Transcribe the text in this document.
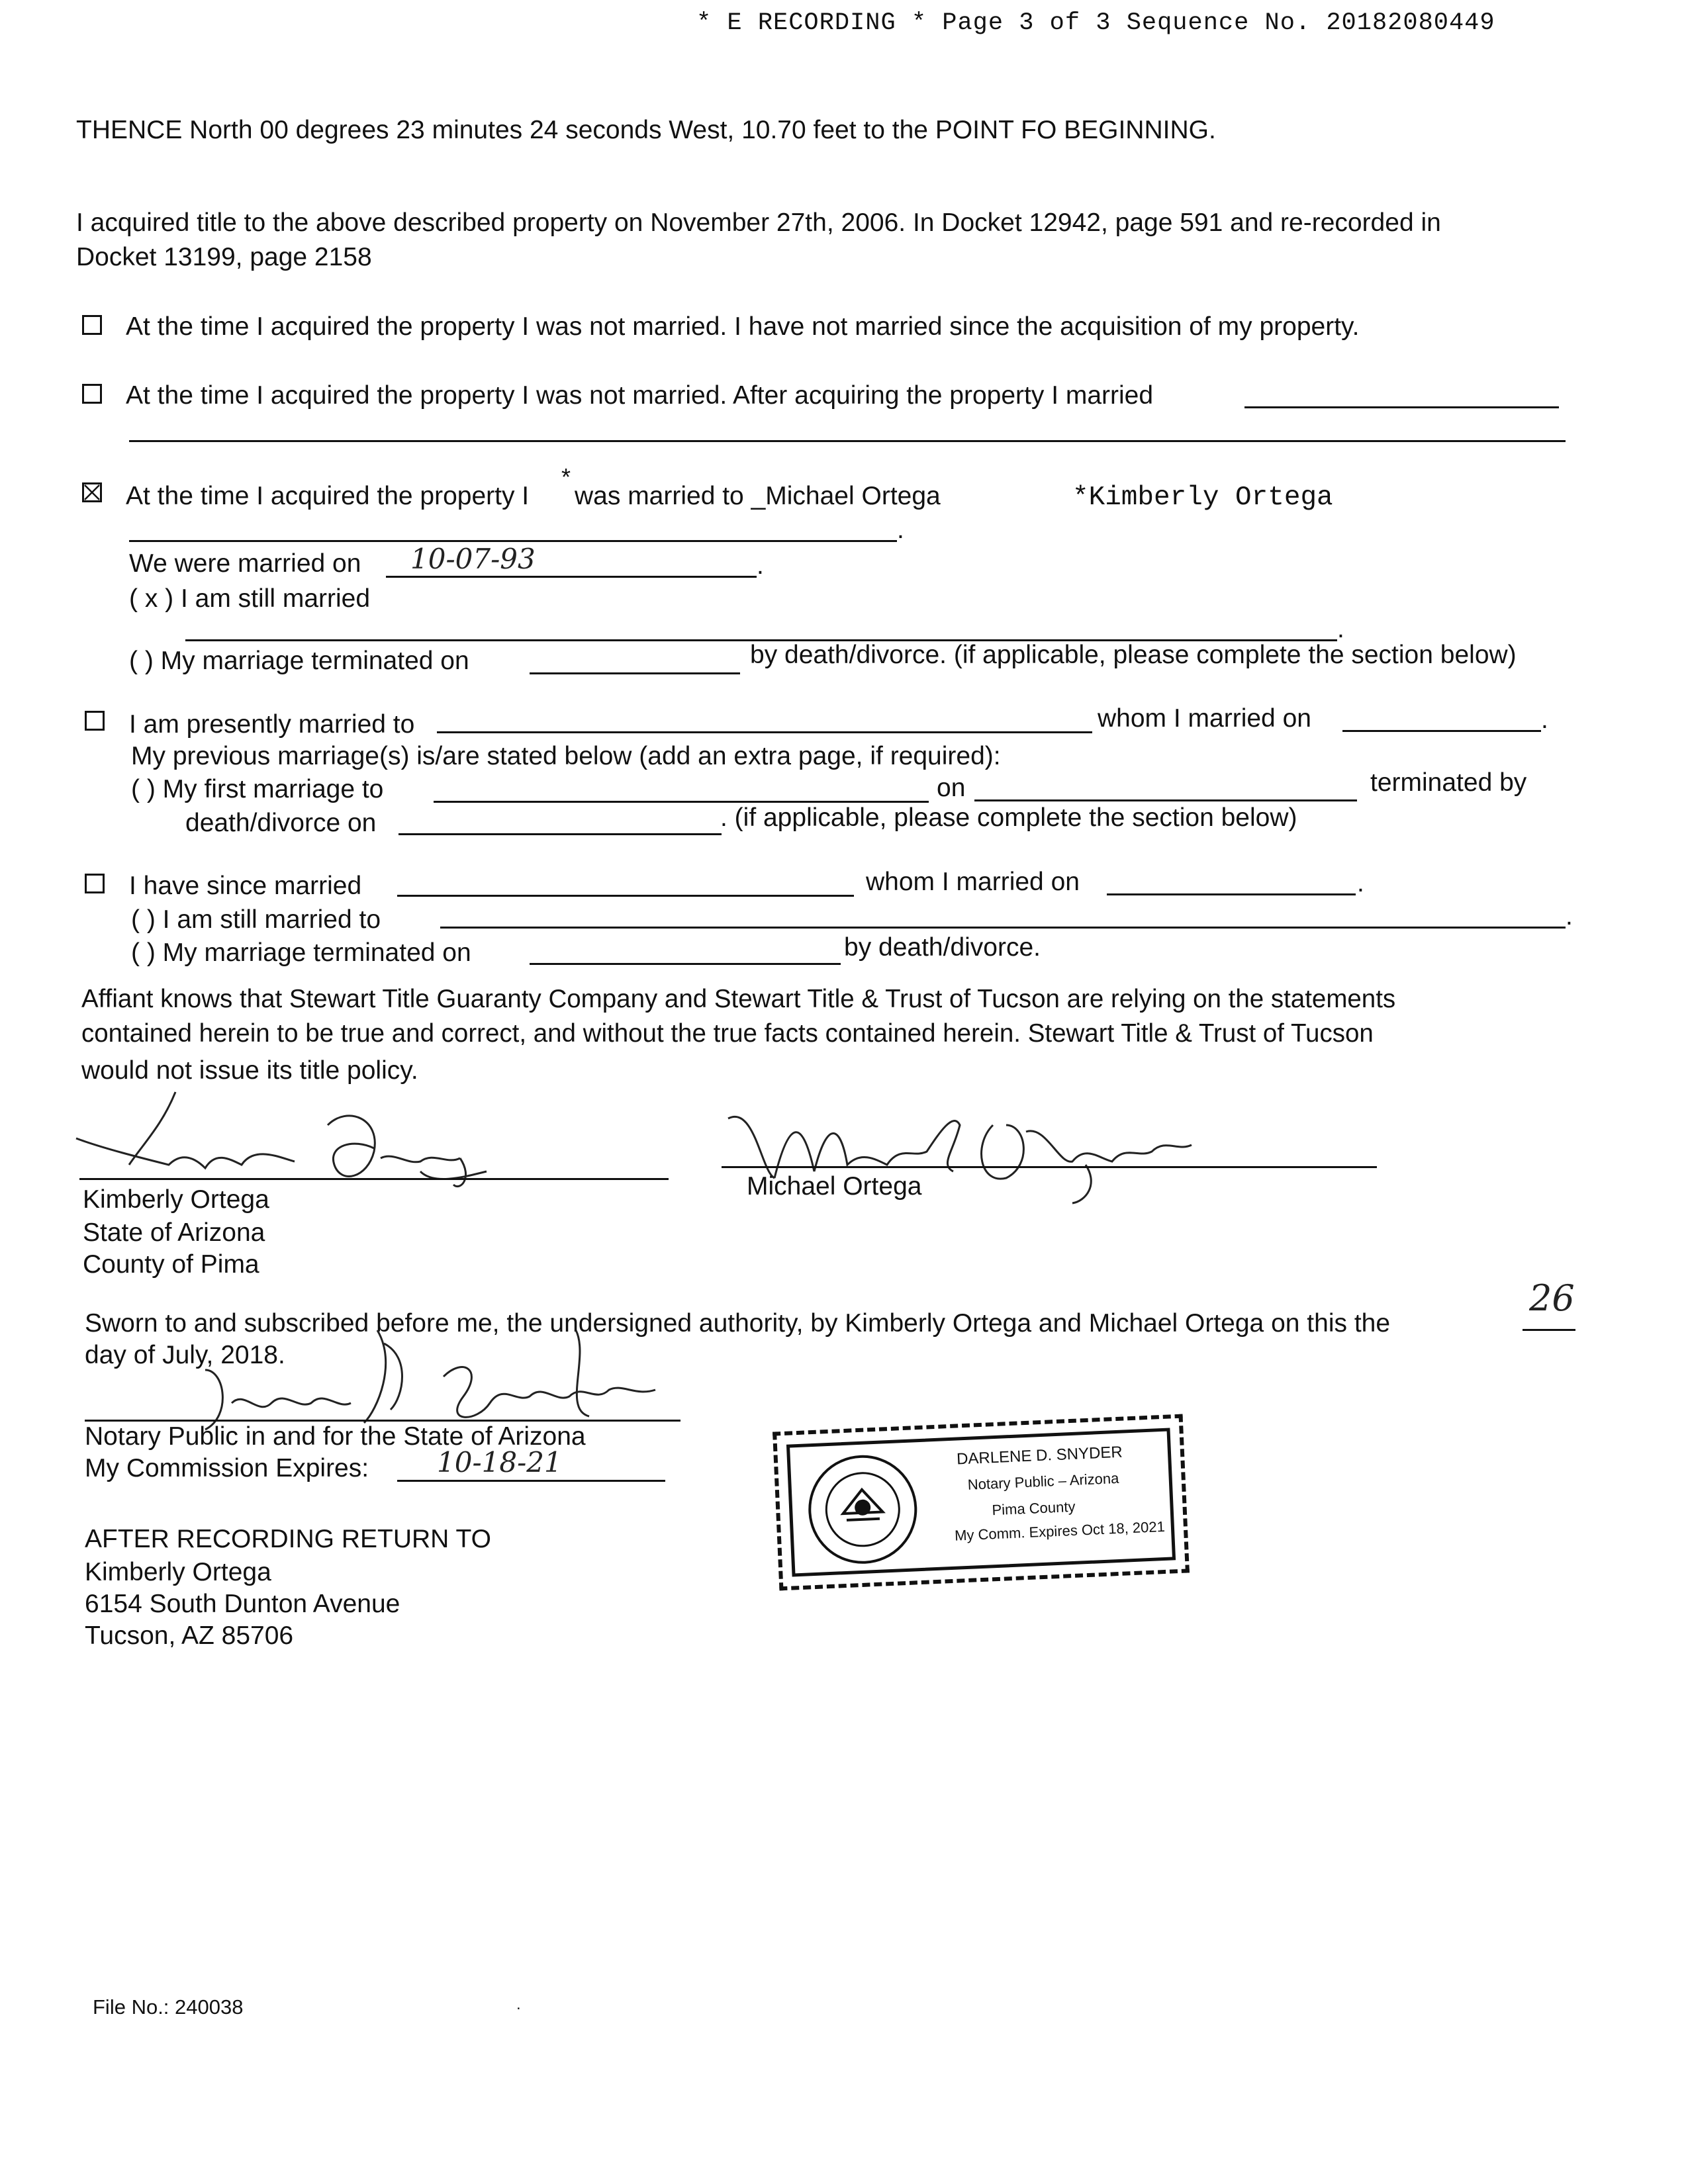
* E RECORDING * Page 3 of 3 Sequence No. 20182080449
THENCE North 00 degrees 23 minutes 24 seconds West, 10.70 feet to the POINT FO BEGINNING.
I acquired title to the above described property on November 27th, 2006. In Docket 12942, page 591 and re-recorded in
Docket 13199, page 2158
At the time I acquired the property I was not married. I have not married since the acquisition of my property.
At the time I acquired the property I was not married. After acquiring the property I married
At the time I acquired the property I
*
was married to _Michael Ortega	*Kimberly Ortega
.
We were married on 10-07-93	.
( x ) I am still married
.
( ) My marriage terminated on	by death/divorce. (if applicable, please complete the section below)
I am presently married to	whom I married on	.
My previous marriage(s) is/are stated below (add an extra page, if required):
( ) My first marriage to	on	terminated by
death/divorce on	. (if applicable, please complete the section below)
I have since married	whom I married on	.
( ) I am still married to	.
( ) My marriage terminated on	by death/divorce.
Affiant knows that Stewart Title Guaranty Company and Stewart Title & Trust of Tucson are relying on the statements
contained herein to be true and correct, and without the true facts contained herein. Stewart Title & Trust of Tucson
would not issue its title policy.
Kimberly Ortega
State of Arizona
County of Pima
Michael Ortega
Sworn to and subscribed before me, the undersigned authority, by Kimberly Ortega and Michael Ortega on this the
26
day of July, 2018.
Notary Public in and for the State of Arizona
My Commission Expires: 10-18-21	DARLENE D. SNYDER
Notary Public – Arizona
Pima County
My Comm. Expires Oct 18, 2021
AFTER RECORDING RETURN TO
Kimberly Ortega
6154 South Dunton Avenue
Tucson, AZ 85706
File No.: 240038	.
